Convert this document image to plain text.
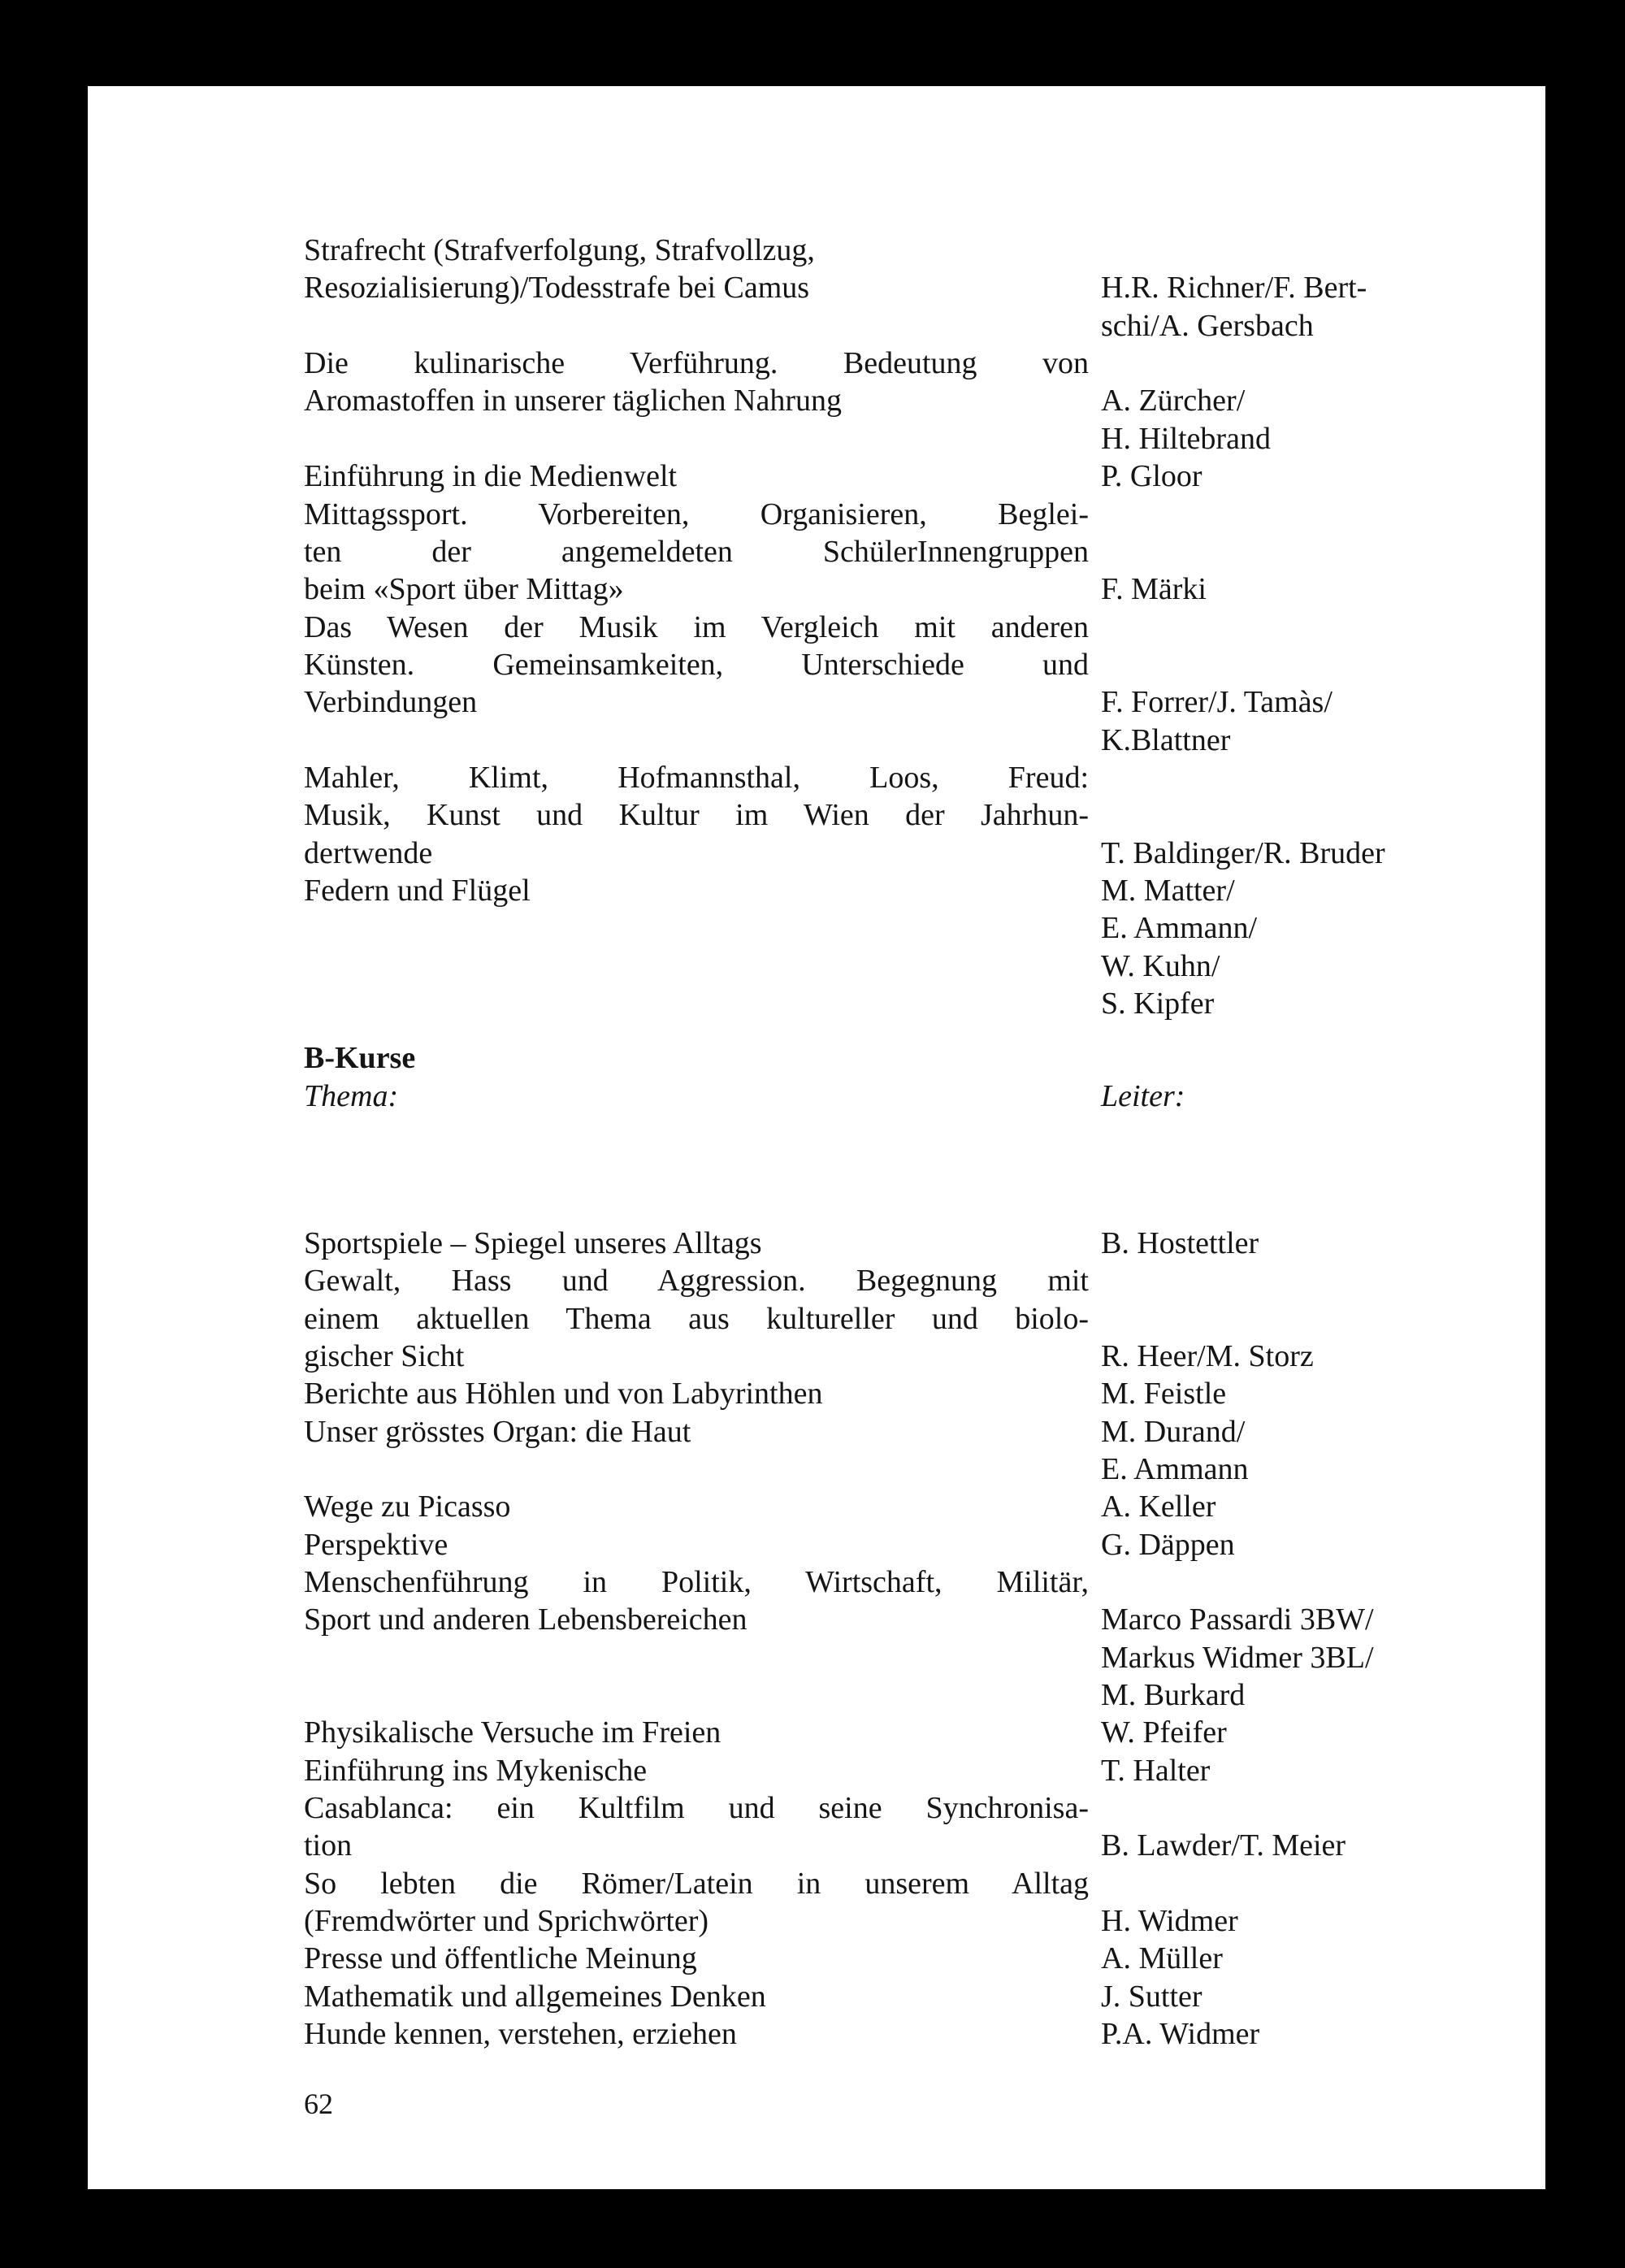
Strafrecht (Strafverfolgung, Strafvollzug,
Resozialisierung)/Todesstrafe bei Camus
Die kulinarische Verführung. Bedeutung von
Aromastoffen in unserer täglichen Nahrung
Einführung in die Medienwelt
Mittagssport. Vorbereiten, Organisieren, Beglei-
ten der angemeldeten SchülerInnengruppen
beim «Sport über Mittag»
Das Wesen der Musik im Vergleich mit anderen
Künsten. Gemeinsamkeiten, Unterschiede und
Verbindungen
Mahler, Klimt, Hofmannsthal, Loos, Freud:
Musik, Kunst und Kultur im Wien der Jahrhun-
dertwende
Federn und Flügel
H.R. Richner/F. Bert-
schi/A. Gersbach
A. Zürcher/
H. Hiltebrand
P. Gloor
F. Märki
F. Forrer/J. Tamàs/
K.Blattner
T. Baldinger/R. Bruder
M. Matter/
E. Ammann/
W. Kuhn/
S. Kipfer
B-Kurse
Thema:	Leiter:
Sportspiele – Spiegel unseres Alltags
Gewalt, Hass und Aggression. Begegnung mit
einem aktuellen Thema aus kultureller und biolo-
gischer Sicht
Berichte aus Höhlen und von Labyrinthen
Unser grösstes Organ: die Haut
Wege zu Picasso
Perspektive
Menschenführung in Politik, Wirtschaft, Militär,
Sport und anderen Lebensbereichen
Physikalische Versuche im Freien
Einführung ins Mykenische
Casablanca: ein Kultfilm und seine Synchronisa-
tion
So lebten die Römer/Latein in unserem Alltag
(Fremdwörter und Sprichwörter)
Presse und öffentliche Meinung
Mathematik und allgemeines Denken
Hunde kennen, verstehen, erziehen
B. Hostettler
R. Heer/M. Storz
M. Feistle
M. Durand/
E. Ammann
A. Keller
G. Däppen
Marco Passardi 3BW/
Markus Widmer 3BL/
M. Burkard
W. Pfeifer
T. Halter
B. Lawder/T. Meier
H. Widmer
A. Müller
J. Sutter
P.A. Widmer
62
